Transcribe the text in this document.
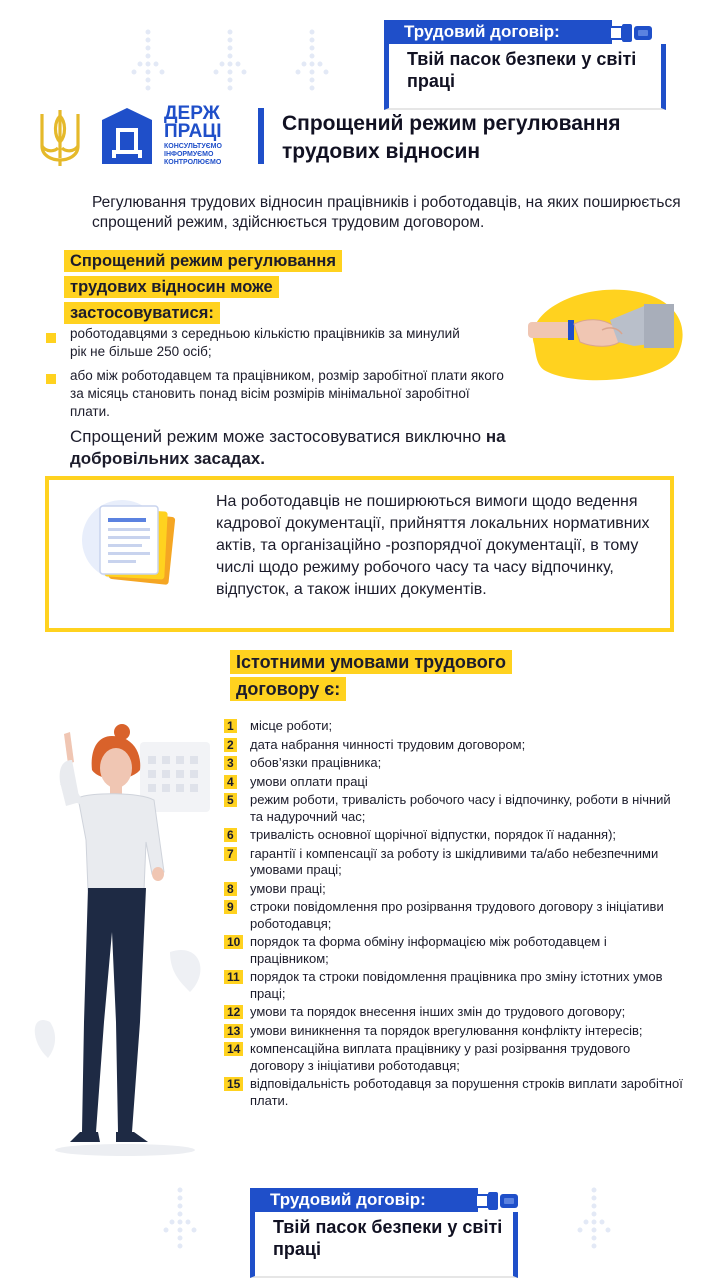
Трудовий договір:
Твій пасок безпеки у світі праці
ДЕРЖ
ПРАЦІ
КОНСУЛЬТУЄМО
ІНФОРМУЄМО
КОНТРОЛЮЄМО
Спрощений режим регулювання трудових відносин
Регулювання трудових відносин працівників і роботодавців, на яких поширюється спрощений режим, здійснюється трудовим договором.
Спрощений режим регулювання трудових відносин може застосовуватися:
роботодавцями з середньою кількістю працівників за минулий рік не більше 250 осіб;
або між роботодавцем та працівником, розмір заробітної плати якого за місяць становить понад вісім розмірів мінімальної заробітної плати.
Спрощений режим може застосовуватися виключно на добровільних засадах.
На роботодавців не поширюються вимоги щодо ведення кадрової документації, прийняття локальних нормативних актів, та організаційно -розпорядчої документації, в тому числі щодо режиму робочого часу та часу відпочинку, відпусток, а також інших документів.
Істотними умовами трудового договору є:
1 місце роботи;
2 дата набрання чинності трудовим договором;
3 обов’язки працівника;
4 умови оплати праці
5 режим роботи, тривалість робочого часу і відпочинку, роботи в нічний та надурочний час;
6 тривалість основної щорічної відпустки, порядок її надання);
7 гарантії і компенсації за роботу із шкідливими та/або небезпечними умовами праці;
8 умови праці;
9 строки повідомлення про розірвання трудового договору з ініціативи роботодавця;
10 порядок та форма обміну інформацією між роботодавцем і працівником;
11 порядок та строки повідомлення працівника про зміну істотних умов праці;
12 умови та порядок внесення інших змін до трудового договору;
13 умови виникнення та порядок врегулювання конфлікту інтересів;
14 компенсаційна виплата працівнику у разі розірвання трудового договору з ініціативи роботодавця;
15 відповідальність роботодавця за порушення строків виплати заробітної плати.
Трудовий договір:
Твій пасок безпеки у світі праці
